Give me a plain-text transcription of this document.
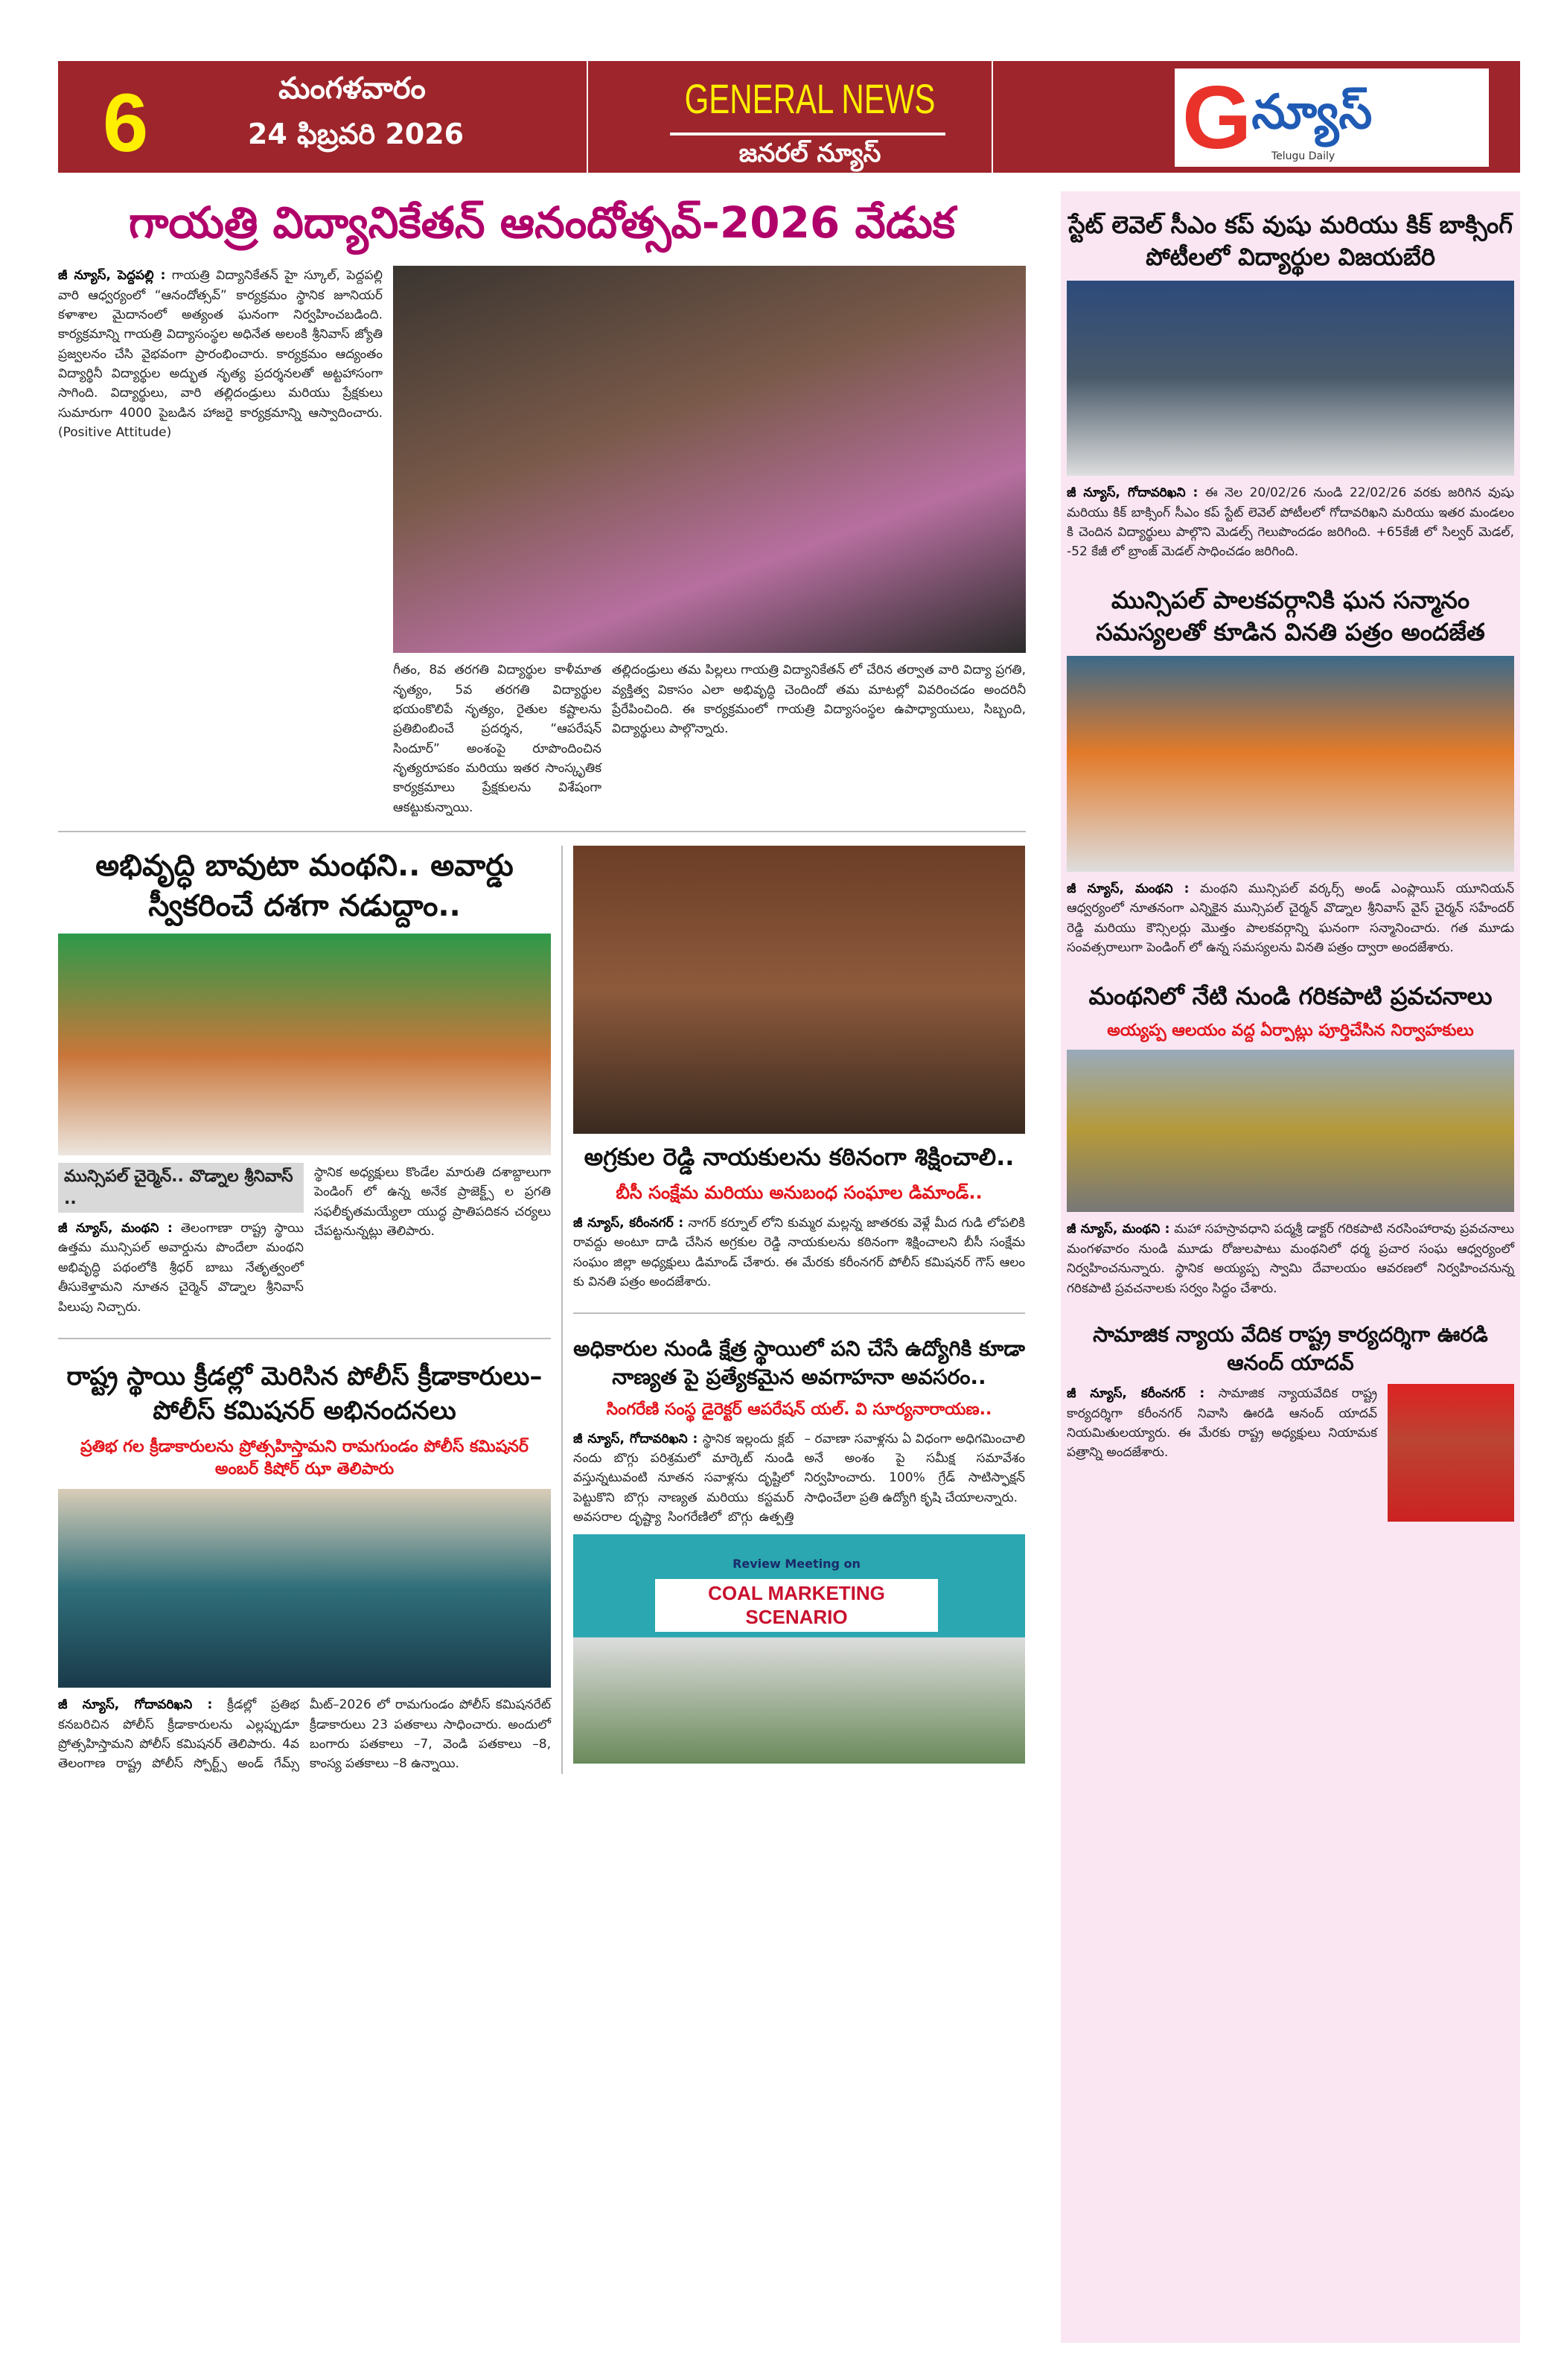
6	మంగళవారం
24 ఫిబ్రవరి 2026
GENERAL NEWS
జనరల్ న్యూస్	G న్యూస్
Telugu Daily
గాయత్రి విద్యానికేతన్ ఆనందోత్సవ్-2026 వేడుక
జీ న్యూస్, పెద్దపల్లి : గాయత్రి విద్యానికేతన్ హై స్కూల్, పెద్దపల్లి వారి ఆధ్వర్యంలో “ఆనందోత్సవ్” కార్యక్రమం స్థానిక జూనియర్ కళాశాల మైదానంలో అత్యంత ఘనంగా నిర్వహించబడింది. కార్యక్రమాన్ని గాయత్రి విద్యాసంస్థల అధినేత అలంకి శ్రీనివాస్ జ్యోతి ప్రజ్వలనం చేసి వైభవంగా ప్రారంభించారు. కార్యక్రమం ఆద్యంతం విద్యార్థినీ విద్యార్థుల అద్భుత నృత్య ప్రదర్శనలతో అట్టహాసంగా సాగింది. విద్యార్థులు, వారి తల్లిదండ్రులు మరియు ప్రేక్షకులు సుమారుగా 4000 పైబడిన హాజరై కార్యక్రమాన్ని ఆస్వాదించారు. (Positive Attitude)
గీతం, 8వ తరగతి విద్యార్థుల కాళీమాత నృత్యం, 5వ తరగతి విద్యార్థుల భయంకొలిపే నృత్యం, రైతుల కష్టాలను ప్రతిబింబించే ప్రదర్శన, “ఆపరేషన్ సిందూర్” అంశంపై రూపొందించిన నృత్యరూపకం మరియు ఇతర సాంస్కృతిక కార్యక్రమాలు ప్రేక్షకులను విశేషంగా ఆకట్టుకున్నాయి.
తల్లిదండ్రులు తమ పిల్లలు గాయత్రి విద్యానికేతన్ లో చేరిన తర్వాత వారి విద్యా ప్రగతి, వ్యక్తిత్వ వికాసం ఎలా అభివృద్ధి చెందిందో తమ మాటల్లో వివరించడం అందరినీ ప్రేరేపించింది. ఈ కార్యక్రమంలో గాయత్రి విద్యాసంస్థల ఉపాధ్యాయులు, సిబ్బంది, విద్యార్థులు పాల్గొన్నారు.
అభివృద్ధి బావుటా మంథని.. అవార్డు స్వీకరించే దశగా నడుద్దాం..
మున్సిపల్ చైర్మెన్.. వొడ్నాల శ్రీనివాస్ ..
జీ న్యూస్, మంథని : తెలంగాణా రాష్ట్ర స్థాయి ఉత్తమ మున్సిపల్ అవార్డును పొందేలా మంథని అభివృద్ధి పథంలోకి శ్రీధర్ బాబు నేతృత్వంలో తీసుకెళ్తామని నూతన చైర్మెన్ వొడ్నాల శ్రీనివాస్ పిలుపు నిచ్చారు.
స్థానిక అధ్యక్షులు కొండేల మారుతి దశాబ్దాలుగా పెండింగ్ లో ఉన్న అనేక ప్రాజెక్ట్స్ ల ప్రగతి సఫలీకృతమయ్యేలా యుద్ధ ప్రాతిపదికన చర్యలు చేపట్టనున్నట్లు తెలిపారు.
రాష్ట్ర స్థాయి క్రీడల్లో మెరిసిన పోలీస్ క్రీడాకారులు–పోలీస్ కమిషనర్ అభినందనలు
ప్రతిభ గల క్రీడాకారులను ప్రోత్సహిస్తామని రామగుండం పోలీస్ కమిషనర్ అంబర్ కిషోర్ ఝా తెలిపారు
జీ న్యూస్, గోదావరిఖని : క్రీడల్లో ప్రతిభ కనబరిచిన పోలీస్ క్రీడాకారులను ఎల్లప్పుడూ ప్రోత్సహిస్తామని పోలీస్ కమిషనర్ తెలిపారు. 4వ తెలంగాణ రాష్ట్ర పోలీస్ స్పోర్ట్స్ అండ్ గేమ్స్ మీట్–2026 లో రామగుండం పోలీస్ కమిషనరేట్ క్రీడాకారులు 23 పతకాలు సాధించారు. అందులో బంగారు పతకాలు –7, వెండి పతకాలు –8, కాంస్య పతకాలు –8 ఉన్నాయి.
అగ్రకుల రెడ్డి నాయకులను కఠినంగా శిక్షించాలి..
బీసీ సంక్షేమ మరియు అనుబంధ సంఘాల డిమాండ్..
జీ న్యూస్, కరీంనగర్ : నాగర్ కర్నూల్ లోని కుమ్మర మల్లన్న జాతరకు వెళ్లే మీద గుడి లోపలికి రావద్దు అంటూ దాడి చేసిన అగ్రకుల రెడ్డి నాయకులను కఠినంగా శిక్షించాలని బీసీ సంక్షేమ సంఘం జిల్లా అధ్యక్షులు డిమాండ్ చేశారు. ఈ మేరకు కరీంనగర్ పోలీస్ కమిషనర్ గౌస్ ఆలం కు వినతి పత్రం అందజేశారు.
అధికారుల నుండి క్షేత్ర స్థాయిలో పని చేసే ఉద్యోగికి కూడా నాణ్యత పై ప్రత్యేకమైన అవగాహనా అవసరం..
సింగరేణి సంస్థ డైరెక్టర్ ఆపరేషన్ యల్. వి సూర్యనారాయణ..
జీ న్యూస్, గోదావరిఖని : స్థానిక ఇల్లందు క్లబ్ నందు బొగ్గు పరిశ్రమలో మార్కెట్ నుండి వస్తున్నటువంటి నూతన సవాళ్లను దృష్టిలో పెట్టుకొని బొగ్గు నాణ్యత మరియు కస్టమర్ అవసరాల దృష్ట్యా సింగరేణిలో బొగ్గు ఉత్పత్తి – రవాణా సవాళ్లను ఏ విధంగా అధిగమించాలి అనే అంశం పై సమీక్ష సమావేశం నిర్వహించారు. 100% గ్రేడ్ సాటిస్ఫాక్షన్ సాధించేలా ప్రతి ఉద్యోగి కృషి చేయాలన్నారు.
Review Meeting on
COAL MARKETING SCENARIO
స్టేట్ లెవెల్ సీఎం కప్ వుషు మరియు కిక్ బాక్సింగ్ పోటీలలో విద్యార్థుల విజయబేరి
జీ న్యూస్, గోదావరిఖని : ఈ నెల 20/02/26 నుండి 22/02/26 వరకు జరిగిన వుషు మరియు కిక్ బాక్సింగ్ సీఎం కప్ స్టేట్ లెవెల్ పోటీలలో గోదావరిఖని మరియు ఇతర మండలం కి చెందిన విద్యార్థులు పాల్గొని మెడల్స్ గెలుపొందడం జరిగింది. +65కేజీ లో సిల్వర్ మెడల్, -52 కేజీ లో బ్రాంజ్ మెడల్ సాధించడం జరిగింది.
మున్సిపల్ పాలకవర్గానికి ఘన సన్మానం సమస్యలతో కూడిన వినతి పత్రం అందజేత
జీ న్యూస్, మంథని : మంథని మున్సిపల్ వర్కర్స్ అండ్ ఎంప్లాయిస్ యూనియన్ ఆధ్వర్యంలో నూతనంగా ఎన్నికైన మున్సిపల్ చైర్మన్ వొడ్నాల శ్రీనివాస్ వైస్ చైర్మన్ సహేందర్ రెడ్డి మరియు కౌన్సిలర్లు మొత్తం పాలకవర్గాన్ని ఘనంగా సన్మానించారు. గత మూడు సంవత్సరాలుగా పెండింగ్ లో ఉన్న సమస్యలను వినతి పత్రం ద్వారా అందజేశారు.
మంథనిలో నేటి నుండి గరికపాటి ప్రవచనాలు
అయ్యప్ప ఆలయం వద్ద ఏర్పాట్లు పూర్తిచేసిన నిర్వాహకులు
జీ న్యూస్, మంథని : మహా సహస్రావధాని పద్మశ్రీ డాక్టర్ గరికపాటి నరసింహారావు ప్రవచనాలు మంగళవారం నుండి మూడు రోజులపాటు మంథనిలో ధర్మ ప్రచార సంఘ ఆధ్వర్యంలో నిర్వహించనున్నారు. స్థానిక అయ్యప్ప స్వామి దేవాలయం ఆవరణలో నిర్వహించనున్న గరికపాటి ప్రవచనాలకు సర్వం సిద్ధం చేశారు.
సామాజిక న్యాయ వేదిక రాష్ట్ర కార్యదర్శిగా ఊరడి ఆనంద్ యాదవ్
జీ న్యూస్, కరీంనగర్ : సామాజిక న్యాయవేదిక రాష్ట్ర కార్యదర్శిగా కరీంనగర్ నివాసి ఊరడి ఆనంద్ యాదవ్ నియమితులయ్యారు. ఈ మేరకు రాష్ట్ర అధ్యక్షులు నియామక పత్రాన్ని అందజేశారు.
